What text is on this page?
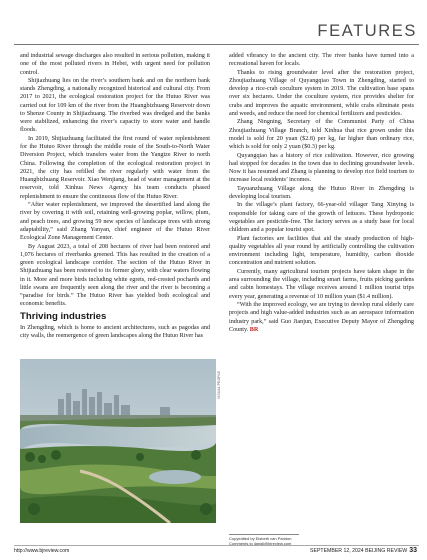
FEATURES

and industrial sewage discharges also resulted in serious pollution, making it one of the most polluted rivers in Hebei, with urgent need for pollution control.

Shijiazhuang lies on the river’s southern bank and on the northern bank stands Zhengding, a nationally recognized historical and cultural city. From 2017 to 2021, the ecological restoration project for the Hutuo River was carried out for 109 km of the river from the Huangbizhuang Reservoir down to Shenze County in Shijiazhuang. The riverbed was dredged and the banks were stabilized, enhancing the river’s capacity to store water and handle floods.

In 2019, Shijiazhuang facilitated the first round of water replenishment for the Hutuo River through the middle route of the South-to-North Water Diversion Project, which transfers water from the Yangtze River to north China. Following the completion of the ecological restoration project in 2021, the city has refilled the river regularly with water from the Huangbizhuang Reservoir. Xiao Wenjiang, head of water management at the reservoir, told Xinhua News Agency his team conducts phased replenishment to ensure the continuous flow of the Hutuo River.

“After water replenishment, we improved the desertified land along the river by covering it with soil, retaining well-growing poplar, willow, plum, and peach trees, and growing 59 new species of landscape trees with strong adaptability,” said Zhang Yanyan, chief engineer of the Hutuo River Ecological Zone Management Center.

By August 2023, a total of 208 hectares of river had been restored and 1,076 hectares of riverbanks greened. This has resulted in the creation of a green ecological landscape corridor. The section of the Hutuo River in Shijiazhuang has been restored to its former glory, with clear waters flowing in it. More and more birds including white egrets, red-crested pochards and little swans are frequently seen along the river and the river is becoming a “paradise for birds.” The Hutuo River has yielded both ecological and economic benefits.

Thriving industries

In Zhengding, which is home to ancient architectures, such as pagodas and city walls, the reemergence of green landscapes along the Hutuo River has

VISUAL PEOPLE

added vibrancy to the ancient city. The river banks have turned into a recreational haven for locals.

Thanks to rising groundwater level after the restoration project, Zhoujiazhuang Village of Quyangqiao Town in Zhengding, started to develop a rice-crab coculture system in 2019. The cultivation base spans over six hectares. Under the coculture system, rice provides shelter for crabs and improves the aquatic environment, while crabs eliminate pests and weeds, and reduce the need for chemical fertilizers and pesticides.

Zhang Ningning, Secretary of the Communist Party of China Zhoujiazhuang Village Branch, told Xinhua that rice grown under this model is sold for 20 yuan ($2.8) per kg, far higher than ordinary rice, which is sold for only 2 yuan ($0.3) per kg.

Quyangqiao has a history of rice cultivation. However, rice growing had stopped for decades in the town due to declining groundwater levels. Now it has resumed and Zhang is planning to develop rice field tourism to increase local residents’ incomes.

Tayuanzhuang Village along the Hutuo River in Zhengding is developing local tourism.

In the village’s plant factory, 66-year-old villager Tang Xinying is responsible for taking care of the growth of lettuces. These hydroponic vegetables are pesticide-free. The factory serves as a study base for local children and a popular tourist spot.

Plant factories are facilities that aid the steady production of high-quality vegetables all year round by artificially controlling the cultivation environment including light, temperature, humidity, carbon dioxide concentration and nutrient solution.

Currently, many agricultural tourism projects have taken shape in the area surrounding the village, including smart farms, fruits picking gardens and cabin homestays. The village receives around 1 million tourist trips every year, generating a revenue of 10 million yuan ($1.4 million).

“With the improved ecology, we are trying to develop rural elderly care projects and high value-added industries such as an aerospace information industry park,” said Guo Jianjun, Executive Deputy Mayor of Zhengding County. BR

Copyedited by Elsbeth van Paridon
Comments to jiangli@bjreview.com
http://www.bjreview.com	SEPTEMBER 12, 2024 BEIJING REVIEW 33
